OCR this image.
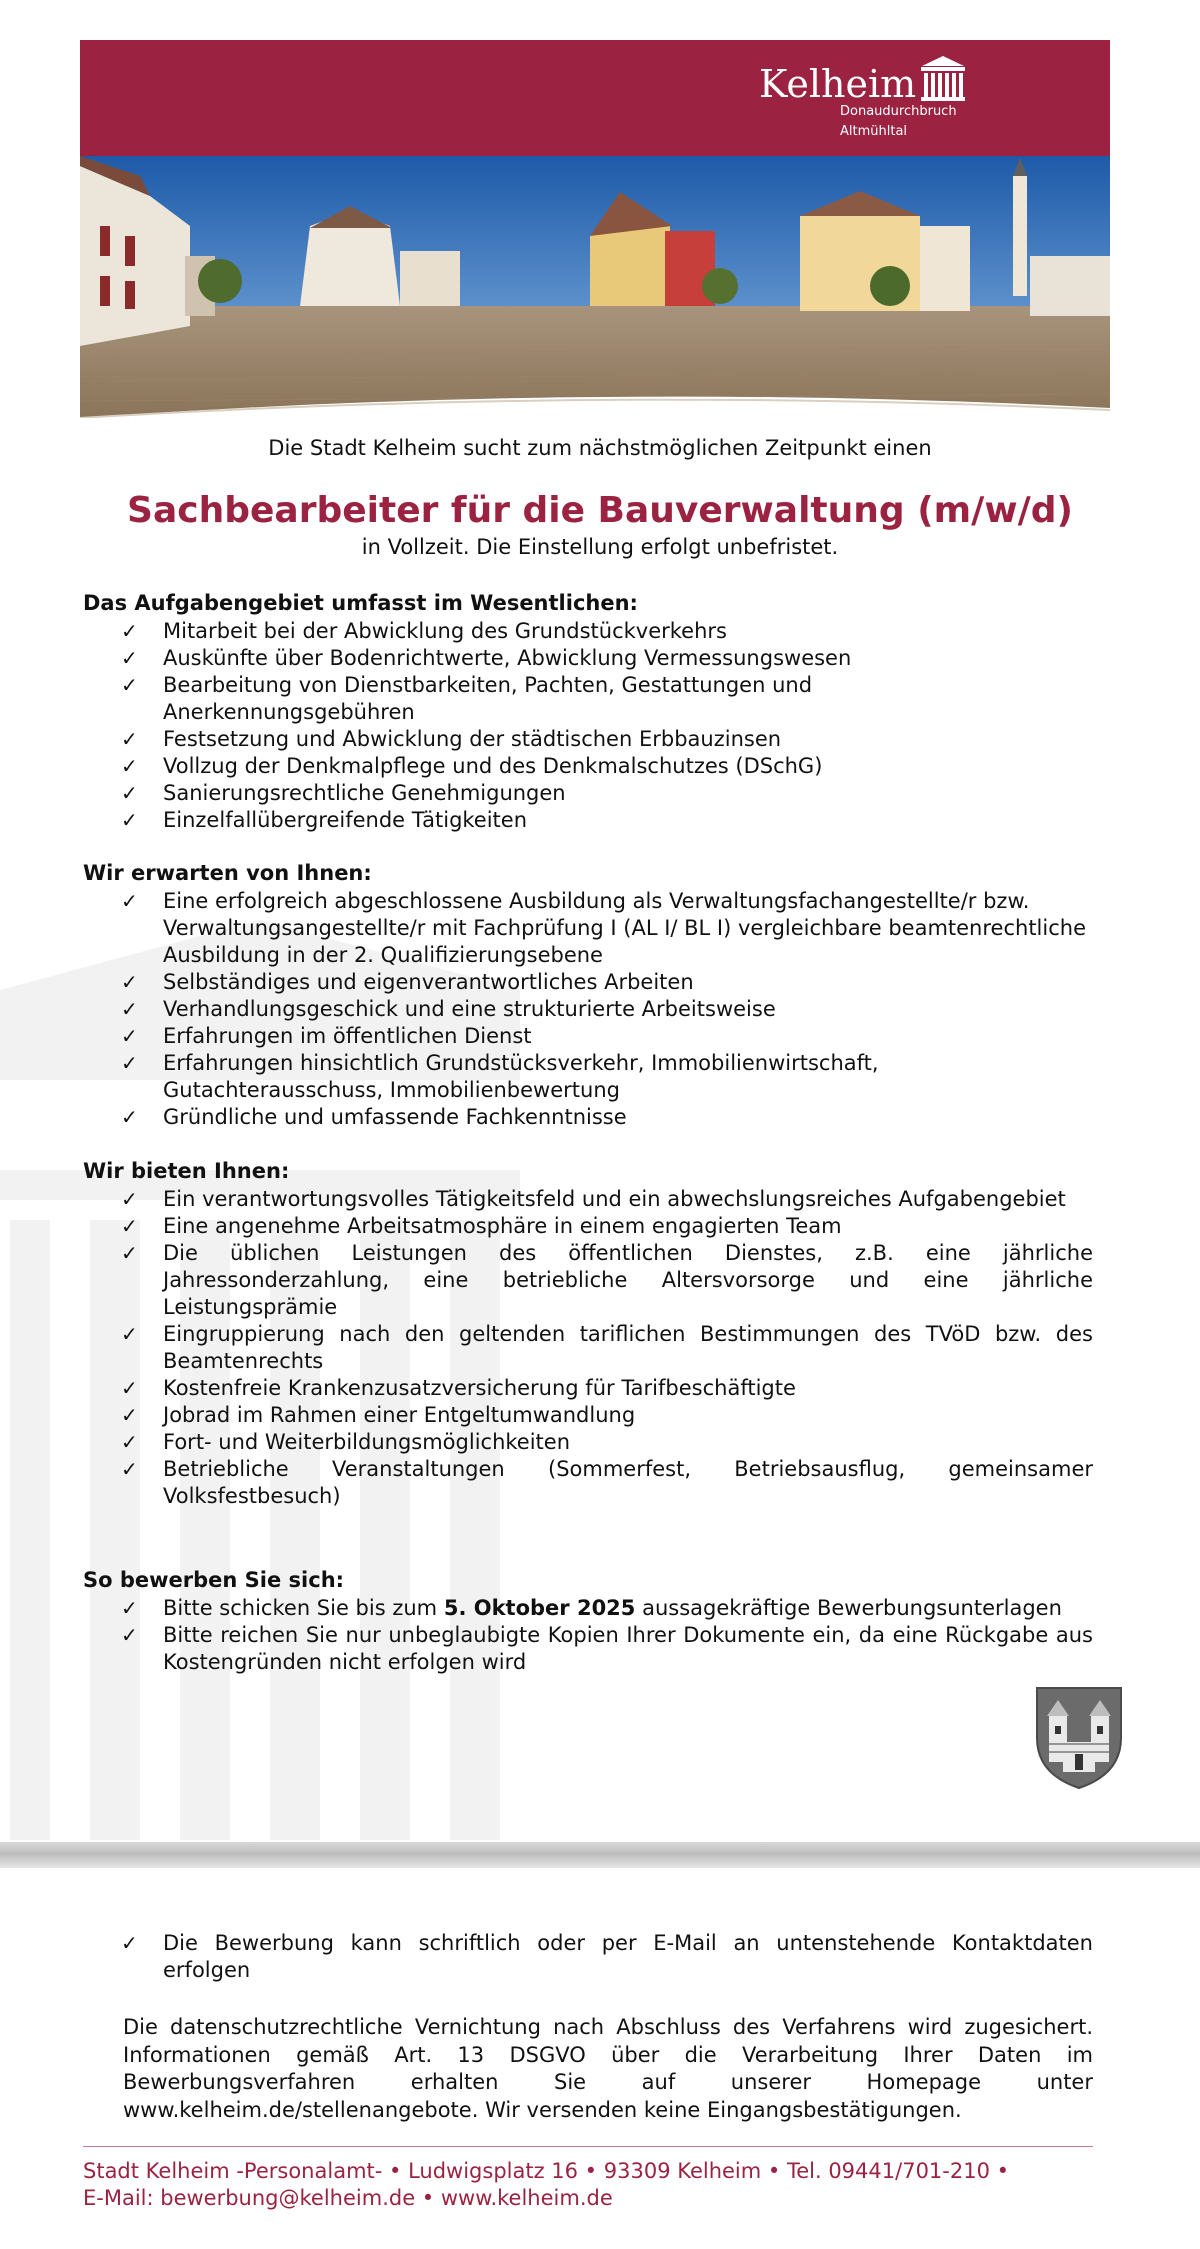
Kelheim
Donaudurchbruch
Altmühltal
Die Stadt Kelheim sucht zum nächstmöglichen Zeitpunkt einen
Sachbearbeiter für die Bauverwaltung (m/w/d)
in Vollzeit. Die Einstellung erfolgt unbefristet.
Das Aufgabengebiet umfasst im Wesentlichen:
✓	Mitarbeit bei der Abwicklung des Grundstückverkehrs
✓	Auskünfte über Bodenrichtwerte, Abwicklung Vermessungswesen
✓	Bearbeitung von Dienstbarkeiten, Pachten, Gestattungen und Anerkennungsgebühren
✓	Festsetzung und Abwicklung der städtischen Erbbauzinsen
✓	Vollzug der Denkmalpflege und des Denkmalschutzes (DSchG)
✓	Sanierungsrechtliche Genehmigungen
✓	Einzelfallübergreifende Tätigkeiten
Wir erwarten von Ihnen:
✓	Eine erfolgreich abgeschlossene Ausbildung als Verwaltungsfachangestellte/r bzw. Verwaltungsangestellte/r mit Fachprüfung I (AL I/ BL I) vergleichbare beamtenrechtliche Ausbildung in der 2. Qualifizierungsebene
✓	Selbständiges und eigenverantwortliches Arbeiten
✓	Verhandlungsgeschick und eine strukturierte Arbeitsweise
✓	Erfahrungen im öffentlichen Dienst
✓	Erfahrungen hinsichtlich Grundstücksverkehr, Immobilienwirtschaft, Gutachterausschuss, Immobilienbewertung
✓	Gründliche und umfassende Fachkenntnisse
Wir bieten Ihnen:
✓	Ein verantwortungsvolles Tätigkeitsfeld und ein abwechslungsreiches Aufgabengebiet
✓	Eine angenehme Arbeitsatmosphäre in einem engagierten Team
✓	Die üblichen Leistungen des öffentlichen Dienstes, z.B. eine jährliche Jahressonderzahlung, eine betriebliche Altersvorsorge und eine jährliche Leistungsprämie
✓	Eingruppierung nach den geltenden tariflichen Bestimmungen des TVöD bzw. des Beamtenrechts
✓	Kostenfreie Krankenzusatzversicherung für Tarifbeschäftigte
✓	Jobrad im Rahmen einer Entgeltumwandlung
✓	Fort- und Weiterbildungsmöglichkeiten
✓	Betriebliche Veranstaltungen (Sommerfest, Betriebsausflug, gemeinsamer Volksfestbesuch)
So bewerben Sie sich:
✓	Bitte schicken Sie bis zum 5. Oktober 2025 aussagekräftige Bewerbungsunterlagen
✓	Bitte reichen Sie nur unbeglaubigte Kopien Ihrer Dokumente ein, da eine Rückgabe aus Kostengründen nicht erfolgen wird
✓	Die Bewerbung kann schriftlich oder per E-Mail an untenstehende Kontaktdaten erfolgen
Die datenschutzrechtliche Vernichtung nach Abschluss des Verfahrens wird zugesichert. Informationen gemäß Art. 13 DSGVO über die Verarbeitung Ihrer Daten im Bewerbungsverfahren erhalten Sie auf unserer Homepage unter www.kelheim.de/stellenangebote. Wir versenden keine Eingangsbestätigungen.
Stadt Kelheim -Personalamt- • Ludwigsplatz 16 • 93309 Kelheim • Tel. 09441/701-210 •
E-Mail: bewerbung@kelheim.de • www.kelheim.de
